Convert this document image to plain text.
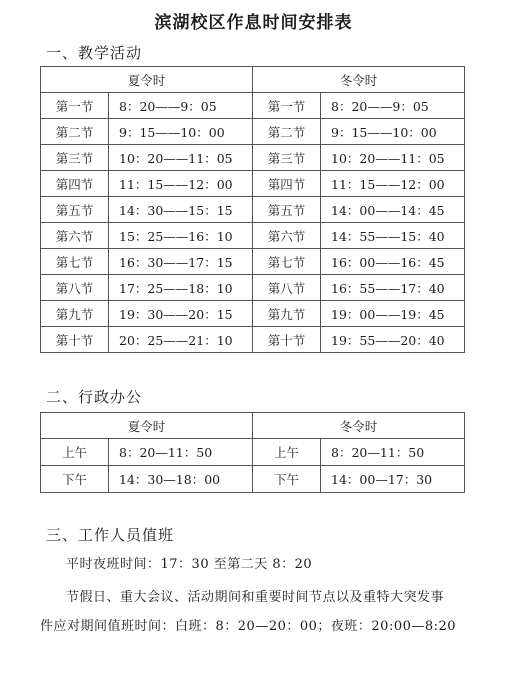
滨湖校区作息时间安排表
一、教学活动
夏令时		冬令时	
第一节	8：20——9：05	第一节	8：20——9：05
第二节	9：15——10：00	第二节	9：15——10：00
第三节	10：20——11：05	第三节	10：20——11：05
第四节	11：15——12：00	第四节	11：15——12：00
第五节	14：30——15：15	第五节	14：00——14：45
第六节	15：25——16：10	第六节	14：55——15：40
第七节	16：30——17：15	第七节	16：00——16：45
第八节	17：25——18：10	第八节	16：55——17：40
第九节	19：30——20：15	第九节	19：00——19：45
第十节	20：25——21：10	第十节	19：55——20：40
二、行政办公
夏令时		冬令时	
上午	8：20—11：50	上午	8：20—11：50
下午	14：30—18：00	下午	14：00—17：30
三、工作人员值班
平时夜班时间：17：30 至第二天 8：20
节假日、重大会议、活动期间和重要时间节点以及重特大突发事
件应对期间值班时间：白班：8：20—20：00；夜班：20:00—8:20
